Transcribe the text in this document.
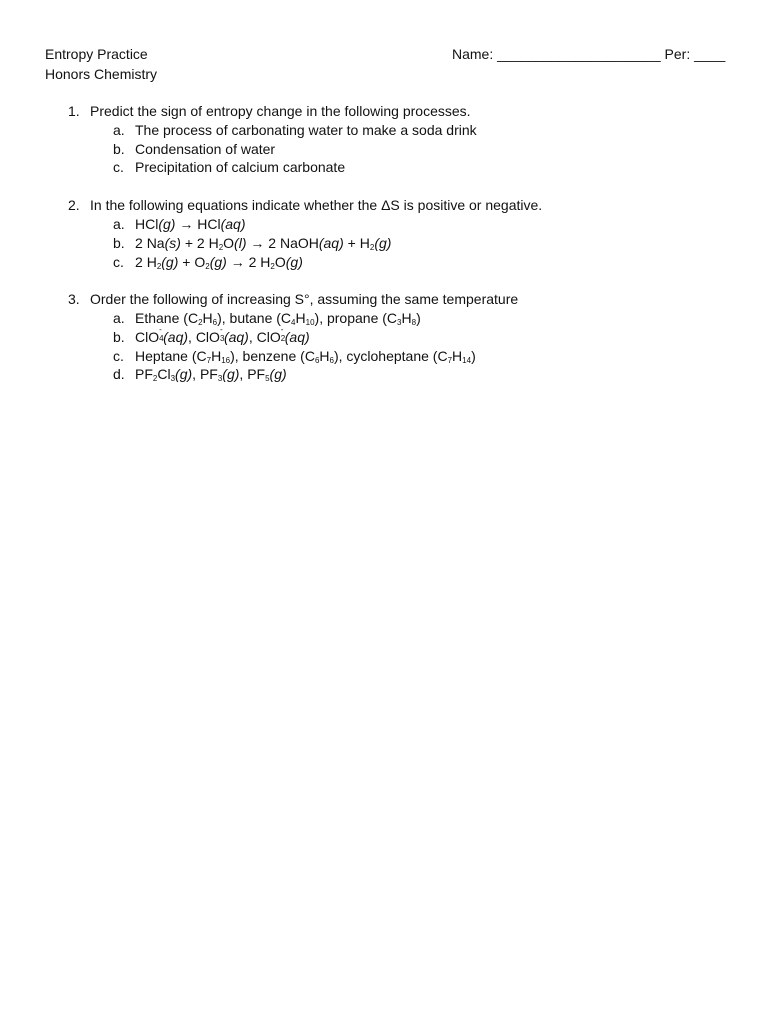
Entropy Practice
Honors Chemistry
Name: _____________________ Per: ____
1. Predict the sign of entropy change in the following processes.
a. The process of carbonating water to make a soda drink
b. Condensation of water
c. Precipitation of calcium carbonate
2. In the following equations indicate whether the ΔS is positive or negative.
a. HCl(g) → HCl(aq)
b. 2 Na(s) + 2 $H_2O(l) \to 2$ NaOH(aq) + $H_2(g)$
c. 2 $H_2(g) + O_2(g) \to 2$ $H_2O(g)$
3. Order the following of increasing S°, assuming the same temperature
a. Ethane $(C_2H_6)$, butane $(C_4H_{10})$, propane $(C_3H_8)$
b. ClO -
4 (aq), ClO -
3 (aq), ClO -
2 (aq)
c. Heptane $(C_7H_{16})$, benzene $(C_6H_6)$, cycloheptane $(C_7H_{14})$
d. $PF_2Cl_3(g)$, $PF_3(g)$, $PF_5(g)$
